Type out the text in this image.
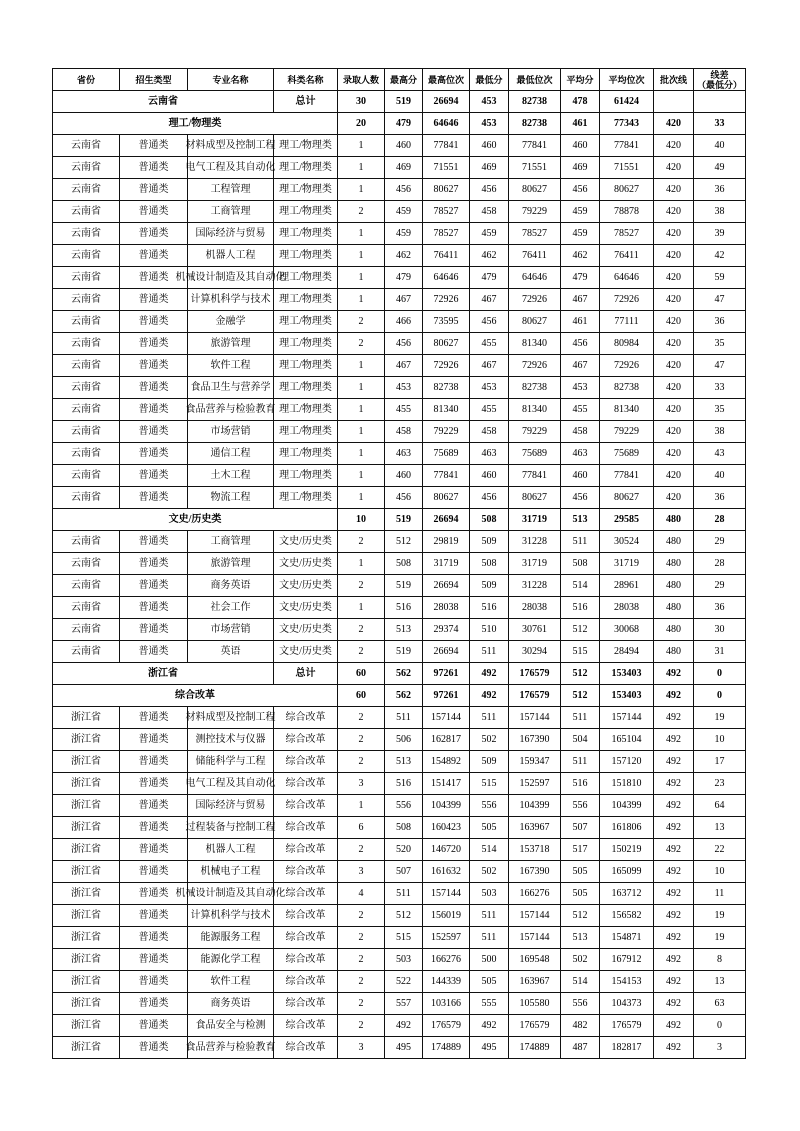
省份	招生类型	专业名称	科类名称	录取人数	最高分	最高位次	最低分	最低位次	平均分	平均位次	批次线	线差
（最低分）

云南省			总计	30	519	26694	453	82738	478	61424		

理工/物理类				20	479	64646	453	82738	461	77343	420	33

云南省	普通类	材料成型及控制工程	理工/物理类	1	460	77841	460	77841	460	77841	420	40

云南省	普通类	电气工程及其自动化	理工/物理类	1	469	71551	469	71551	469	71551	420	49

云南省	普通类	工程管理	理工/物理类	1	456	80627	456	80627	456	80627	420	36

云南省	普通类	工商管理	理工/物理类	2	459	78527	458	79229	459	78878	420	38

云南省	普通类	国际经济与贸易	理工/物理类	1	459	78527	459	78527	459	78527	420	39

云南省	普通类	机器人工程	理工/物理类	1	462	76411	462	76411	462	76411	420	42

云南省	普通类	机械设计制造及其自动化	理工/物理类	1	479	64646	479	64646	479	64646	420	59

云南省	普通类	计算机科学与技术	理工/物理类	1	467	72926	467	72926	467	72926	420	47

云南省	普通类	金融学	理工/物理类	2	466	73595	456	80627	461	77111	420	36

云南省	普通类	旅游管理	理工/物理类	2	456	80627	455	81340	456	80984	420	35

云南省	普通类	软件工程	理工/物理类	1	467	72926	467	72926	467	72926	420	47

云南省	普通类	食品卫生与营养学	理工/物理类	1	453	82738	453	82738	453	82738	420	33

云南省	普通类	食品营养与检验教育	理工/物理类	1	455	81340	455	81340	455	81340	420	35

云南省	普通类	市场营销	理工/物理类	1	458	79229	458	79229	458	79229	420	38

云南省	普通类	通信工程	理工/物理类	1	463	75689	463	75689	463	75689	420	43

云南省	普通类	土木工程	理工/物理类	1	460	77841	460	77841	460	77841	420	40

云南省	普通类	物流工程	理工/物理类	1	456	80627	456	80627	456	80627	420	36

文史/历史类				10	519	26694	508	31719	513	29585	480	28

云南省	普通类	工商管理	文史/历史类	2	512	29819	509	31228	511	30524	480	29

云南省	普通类	旅游管理	文史/历史类	1	508	31719	508	31719	508	31719	480	28

云南省	普通类	商务英语	文史/历史类	2	519	26694	509	31228	514	28961	480	29

云南省	普通类	社会工作	文史/历史类	1	516	28038	516	28038	516	28038	480	36

云南省	普通类	市场营销	文史/历史类	2	513	29374	510	30761	512	30068	480	30

云南省	普通类	英语	文史/历史类	2	519	26694	511	30294	515	28494	480	31

浙江省			总计	60	562	97261	492	176579	512	153403	492	0

综合改革				60	562	97261	492	176579	512	153403	492	0

浙江省	普通类	材料成型及控制工程	综合改革	2	511	157144	511	157144	511	157144	492	19

浙江省	普通类	测控技术与仪器	综合改革	2	506	162817	502	167390	504	165104	492	10

浙江省	普通类	储能科学与工程	综合改革	2	513	154892	509	159347	511	157120	492	17

浙江省	普通类	电气工程及其自动化	综合改革	3	516	151417	515	152597	516	151810	492	23

浙江省	普通类	国际经济与贸易	综合改革	1	556	104399	556	104399	556	104399	492	64

浙江省	普通类	过程装备与控制工程	综合改革	6	508	160423	505	163967	507	161806	492	13

浙江省	普通类	机器人工程	综合改革	2	520	146720	514	153718	517	150219	492	22

浙江省	普通类	机械电子工程	综合改革	3	507	161632	502	167390	505	165099	492	10

浙江省	普通类	机械设计制造及其自动化	综合改革	4	511	157144	503	166276	505	163712	492	11

浙江省	普通类	计算机科学与技术	综合改革	2	512	156019	511	157144	512	156582	492	19

浙江省	普通类	能源服务工程	综合改革	2	515	152597	511	157144	513	154871	492	19

浙江省	普通类	能源化学工程	综合改革	2	503	166276	500	169548	502	167912	492	8

浙江省	普通类	软件工程	综合改革	2	522	144339	505	163967	514	154153	492	13

浙江省	普通类	商务英语	综合改革	2	557	103166	555	105580	556	104373	492	63

浙江省	普通类	食品安全与检测	综合改革	2	492	176579	492	176579	482	176579	492	0

浙江省	普通类	食品营养与检验教育	综合改革	3	495	174889	495	174889	487	182817	492	3
